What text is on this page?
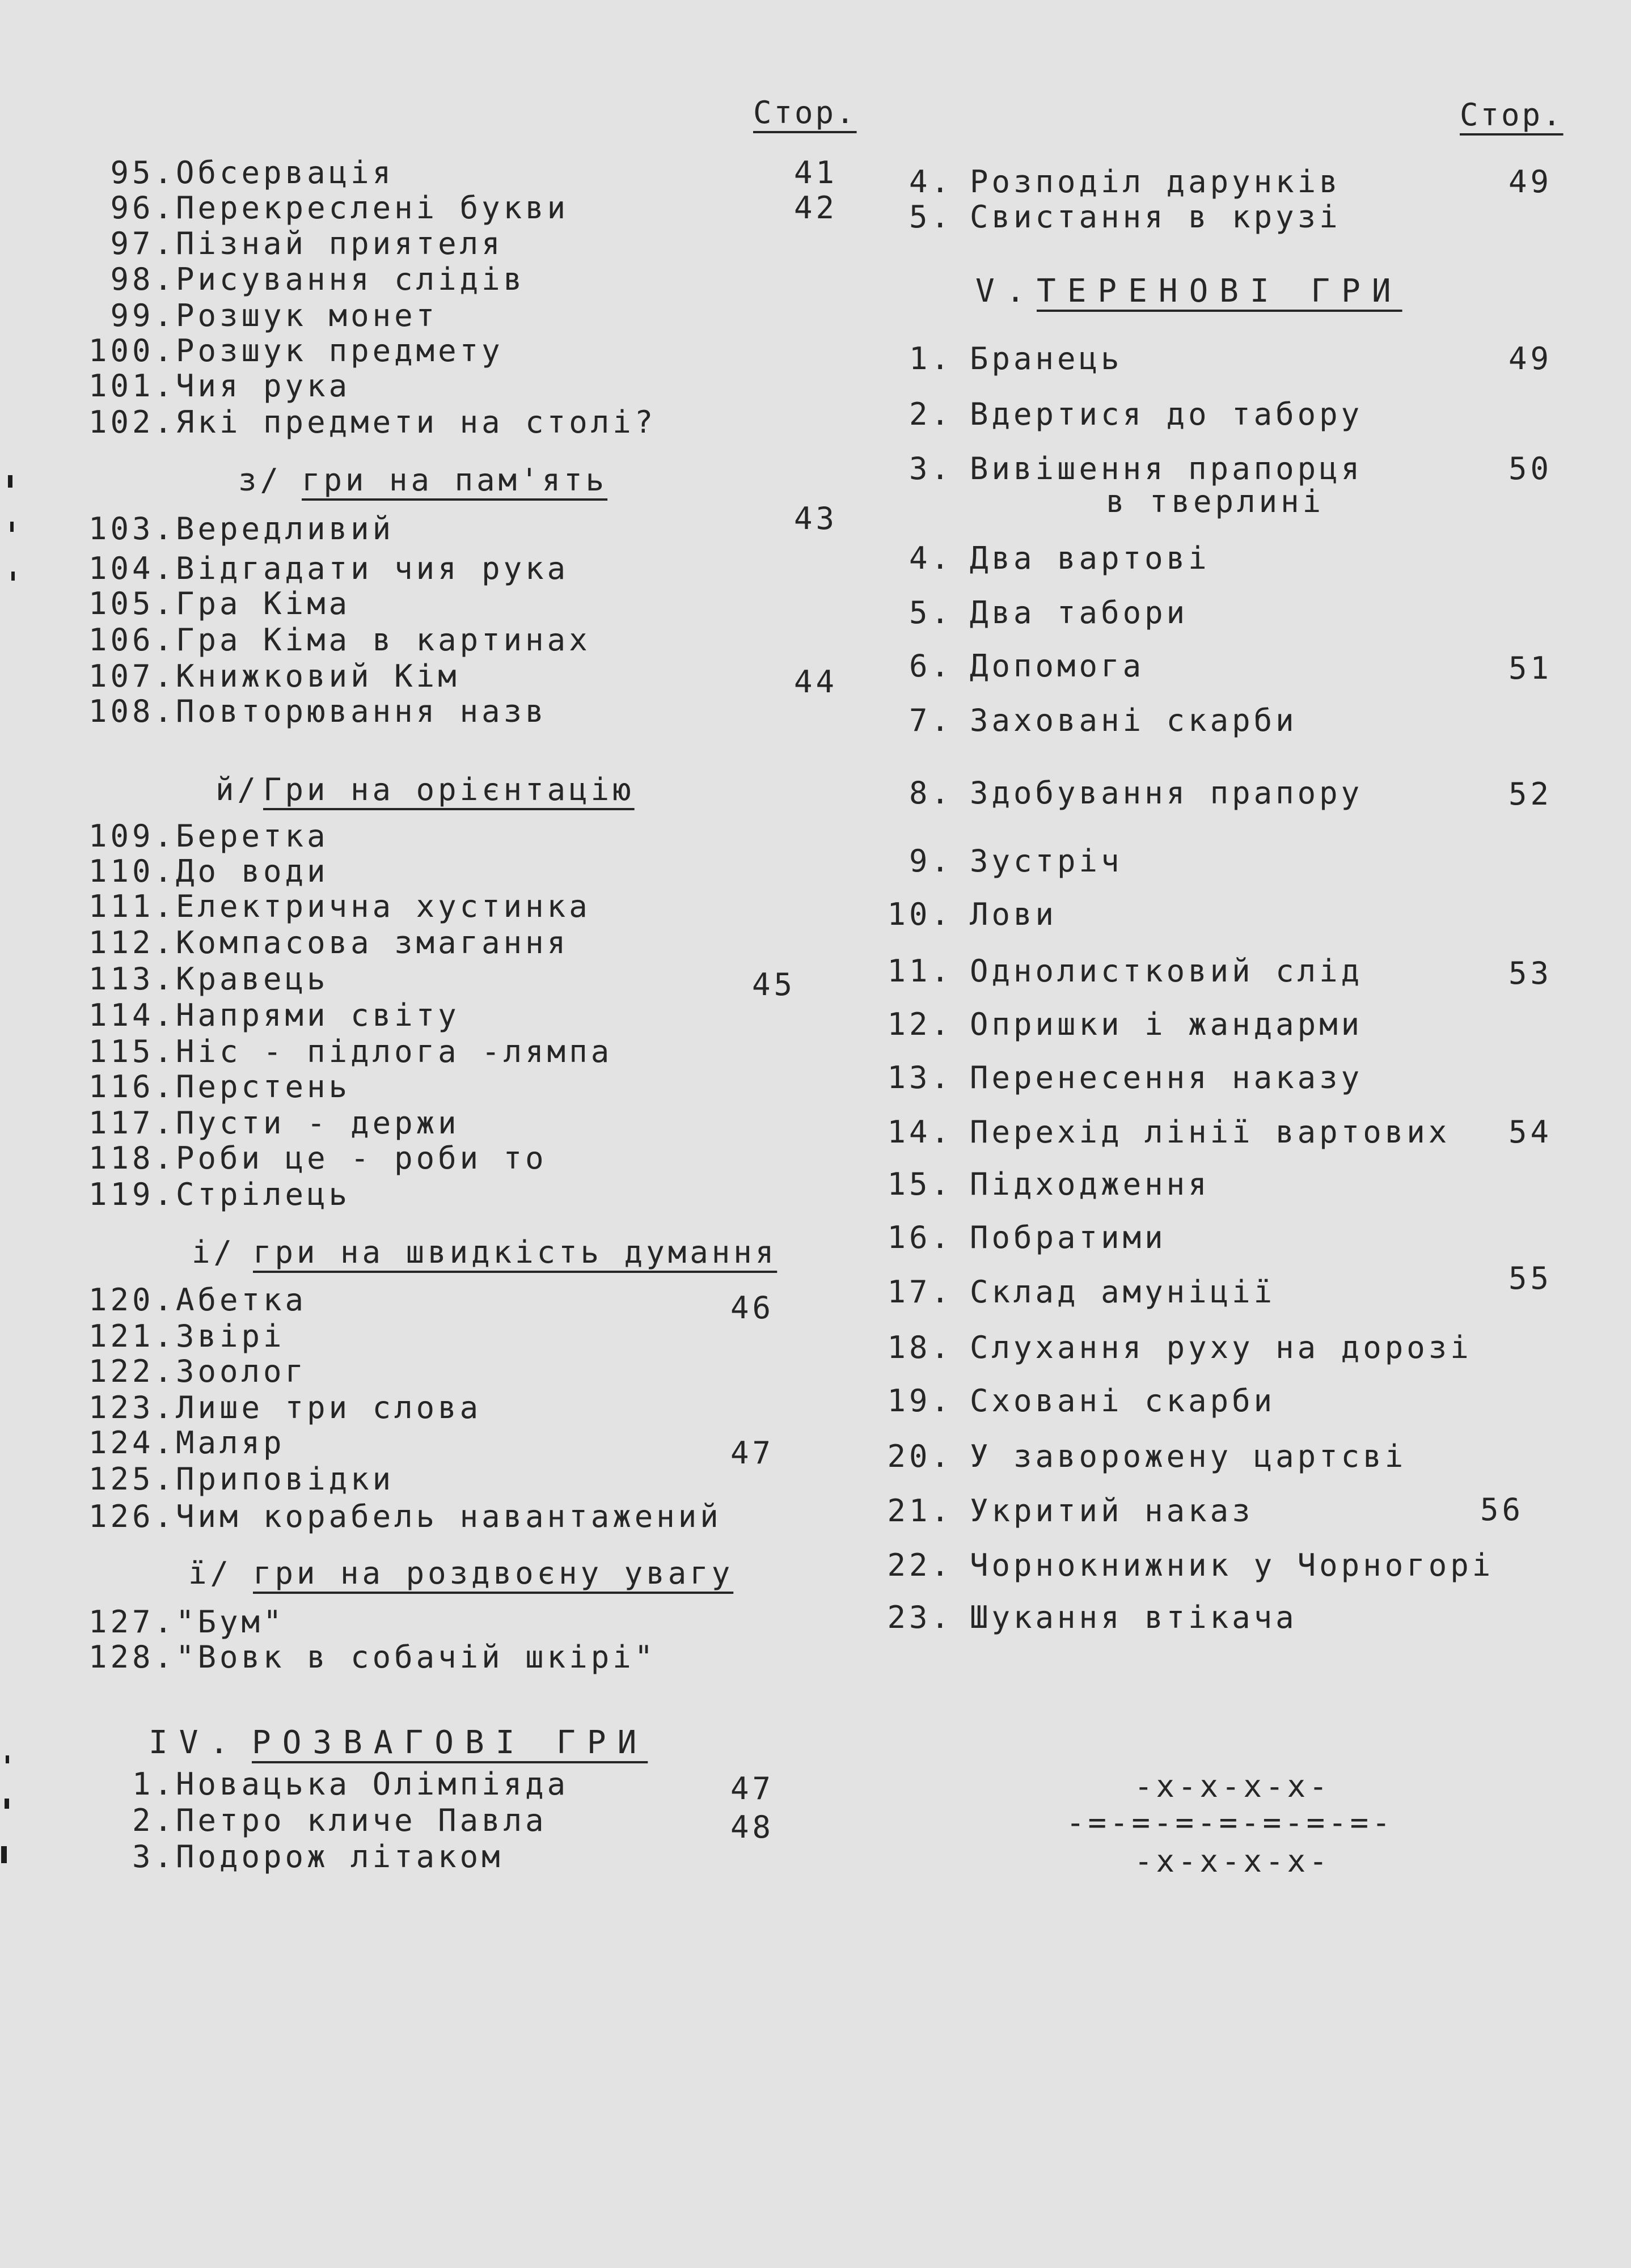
Стор.	Стор.
95. Обсервація	41
96. Перекреслені букви	42
97. Пізнай приятеля
98. Рисування слідів
99. Розшук монет
100. Розшук предмету
101. Чия рука
102. Які предмети на столі?
з/ гри на пам'ять
103. Вередливий	43
104. Відгадати чия рука
105. Гра Кіма
106. Гра Кіма в картинах
107. Книжковий Кім	44
108. Повторювання назв
й/ Гри на орієнтацію
109. Беретка
110. До води
111. Електрична хустинка
112. Компасова змагання
113. Кравець	45
114. Напрями світу
115. Ніс - підлога -лямпа
116. Перстень
117. Пусти - держи
118. Роби це - роби то
119. Стрілець
і/ гри на швидкість думання
120. Абетка	46
121. Звірі
122. Зоолог
123. Лише три слова
124. Маляр	47
125. Приповідки
126. Чим корабель навантажений
ї/ гри на роздвоєну увагу
127. "Бум"
128. "Вовк в собачій шкірі"
IV. РОЗВАГОВІ ГРИ
1. Новацька Олімпіяда	47
2. Петро кличе Павла	48
3. Подорож літаком
4. Розподіл дарунків	49
5. Свистання в крузі
V. ТЕРЕНОВІ ГРИ
1. Бранець	49
2. Вдертися до табору
3. Вивішення прапорця	50
в тверлині
4. Два вартові
5. Два табори
6. Допомога	51
7. Заховані скарби
8. Здобування прапору	52
9. Зустріч
10. Лови
11. Однолистковий слід	53
12. Опришки і жандарми
13. Перенесення наказу
14. Перехід лінії вартових 54
15. Підходження
16. Побратими
17. Склад амуніції	55
18. Слухання руху на дорозі
19. Сховані скарби
20. У заворожену цартсві
21. Укритий наказ	56
22. Чорнокнижник у Чорногорі
23. Шукання втікача
-x-x-x-x-
-=-=-=-=-=-=-=-
-x-x-x-x-
